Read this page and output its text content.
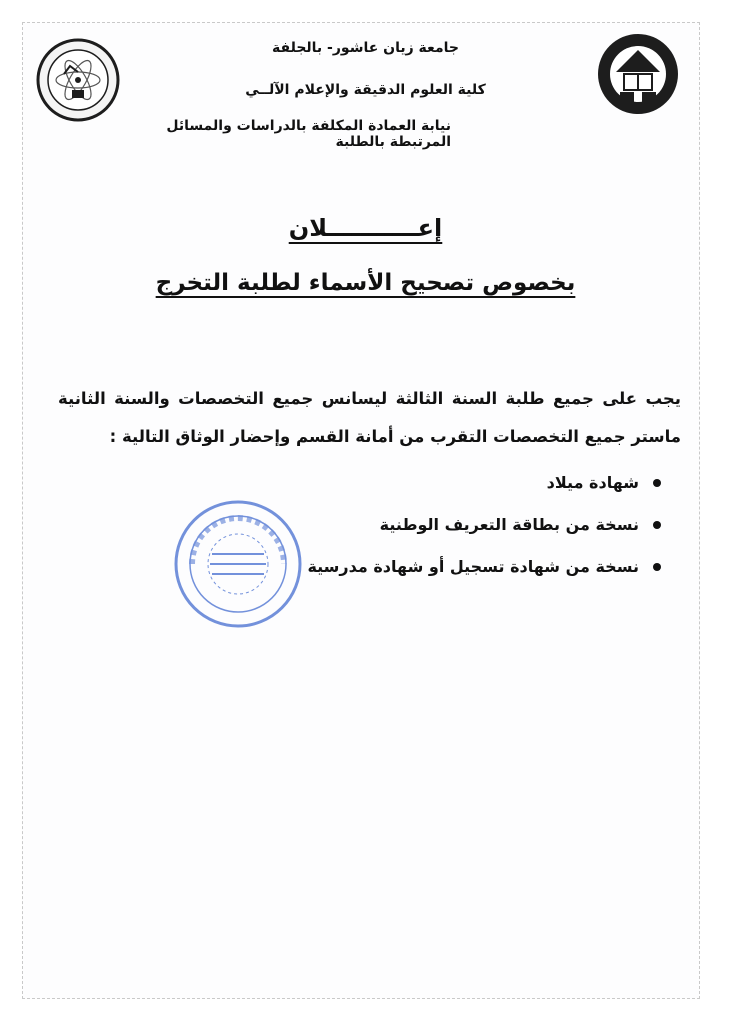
جامعة زيان عاشور- بالجلفة
كلية العلوم الدقيقة والإعلام الآلــي
نيابة العمادة المكلفة بالدراسات والمسائل المرتبطة بالطلبة
إعـــــــــــلان
بخصوص تصحيح الأسماء لطلبة التخرج
يجب على جميع طلبة السنة الثالثة ليسانس جميع التخصصات والسنة الثانية ماستر جميع التخصصات التقرب من أمانة القسم وإحضار الوثاق التالية :
شهادة ميلاد
نسخة من بطاقة التعريف الوطنية
نسخة من شهادة تسجيل أو شهادة مدرسية
